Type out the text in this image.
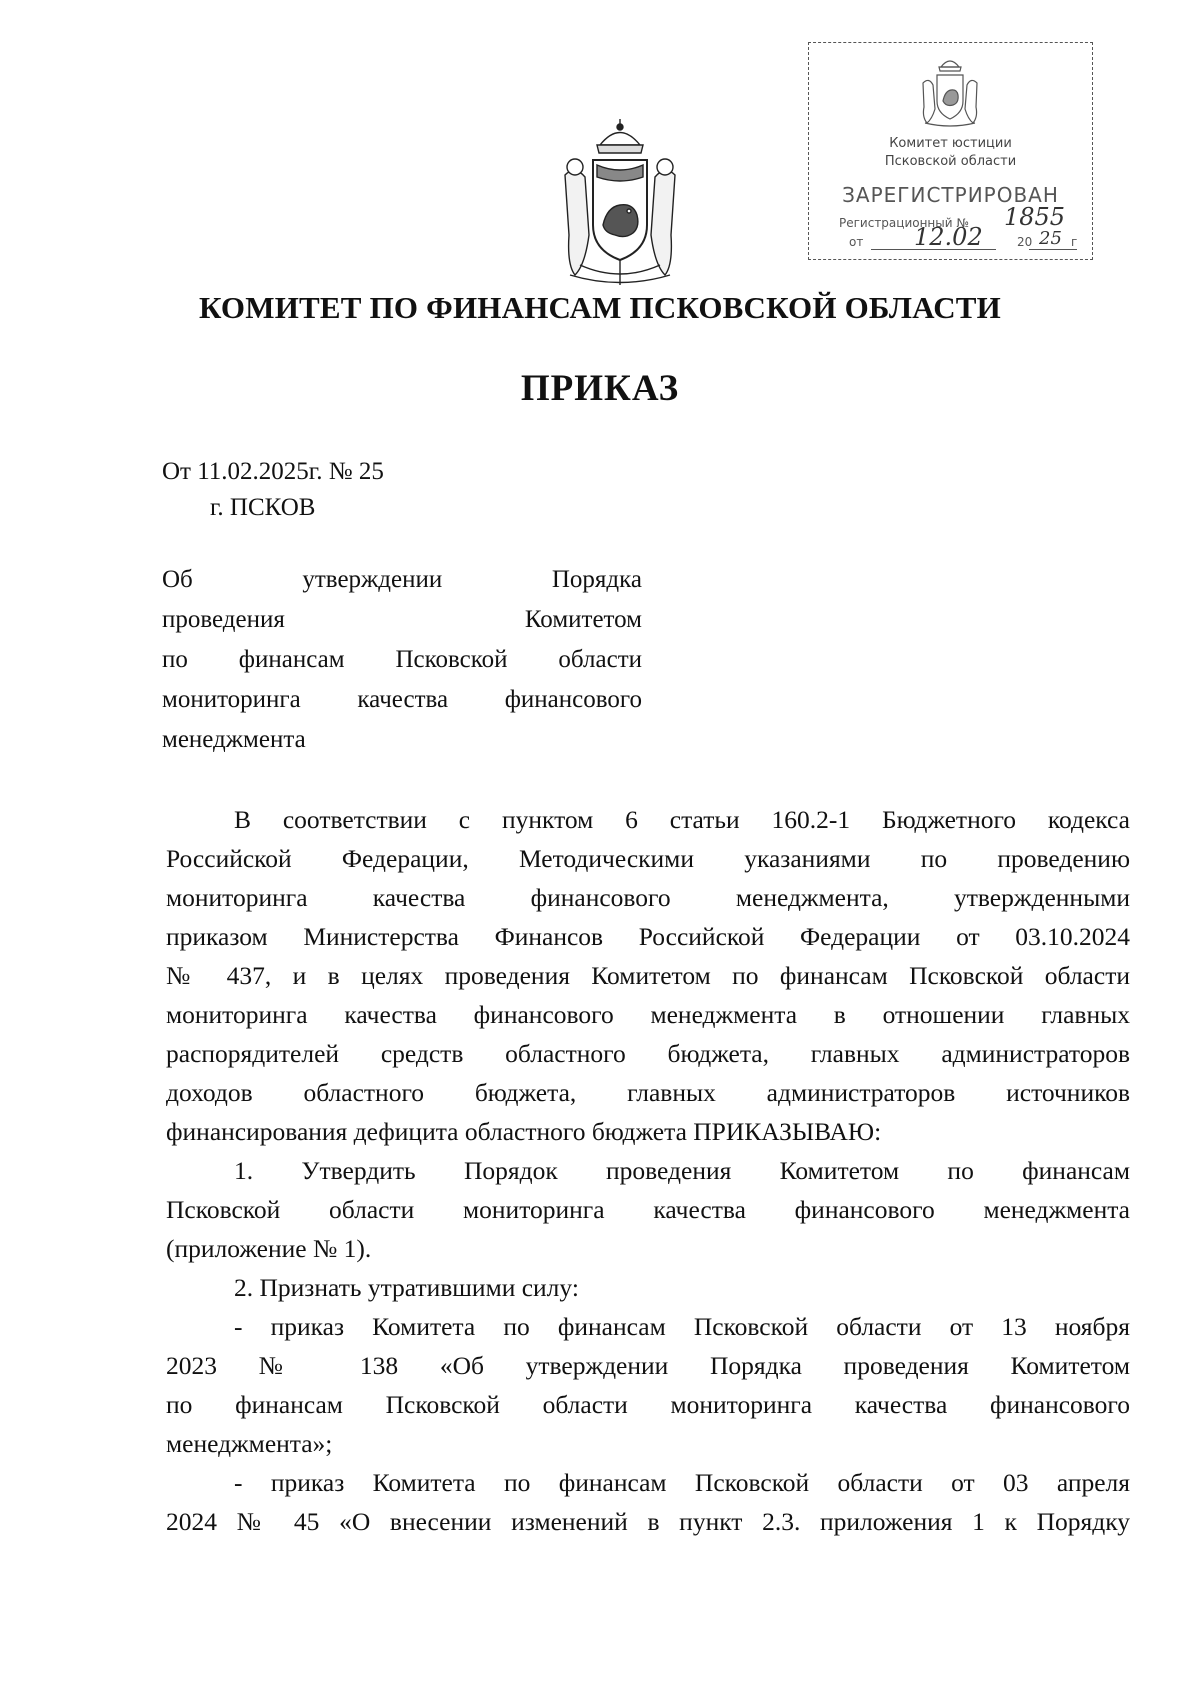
Комитет юстиции
Псковской области
ЗАРЕГИСТРИРОВАН
Регистрационный № 1855
от 12.02	20 25 г
КОМИТЕТ ПО ФИНАНСАМ ПСКОВСКОЙ ОБЛАСТИ
ПРИКАЗ
От 11.02.2025г. № 25
г. ПСКОВ
Об утверждении Порядка
проведения Комитетом
по финансам Псковской области
мониторинга качества финансового
менеджмента
В соответствии с пунктом 6 статьи 160.2-1 Бюджетного кодекса
Российской Федерации, Методическими указаниями по проведению
мониторинга качества финансового менеджмента, утвержденными
приказом Министерства Финансов Российской Федерации от 03.10.2024
№ 437, и в целях проведения Комитетом по финансам Псковской области
мониторинга качества финансового менеджмента в отношении главных
распорядителей средств областного бюджета, главных администраторов
доходов областного бюджета, главных администраторов источников
финансирования дефицита областного бюджета ПРИКАЗЫВАЮ:
1. Утвердить Порядок проведения Комитетом по финансам
Псковской области мониторинга качества финансового менеджмента
(приложение № 1).
2. Признать утратившими силу:
- приказ Комитета по финансам Псковской области от 13 ноября
2023 № 138 «Об утверждении Порядка проведения Комитетом
по финансам Псковской области мониторинга качества финансового
менеджмента»;
- приказ Комитета по финансам Псковской области от 03 апреля
2024 № 45 «О внесении изменений в пункт 2.3. приложения 1 к Порядку
